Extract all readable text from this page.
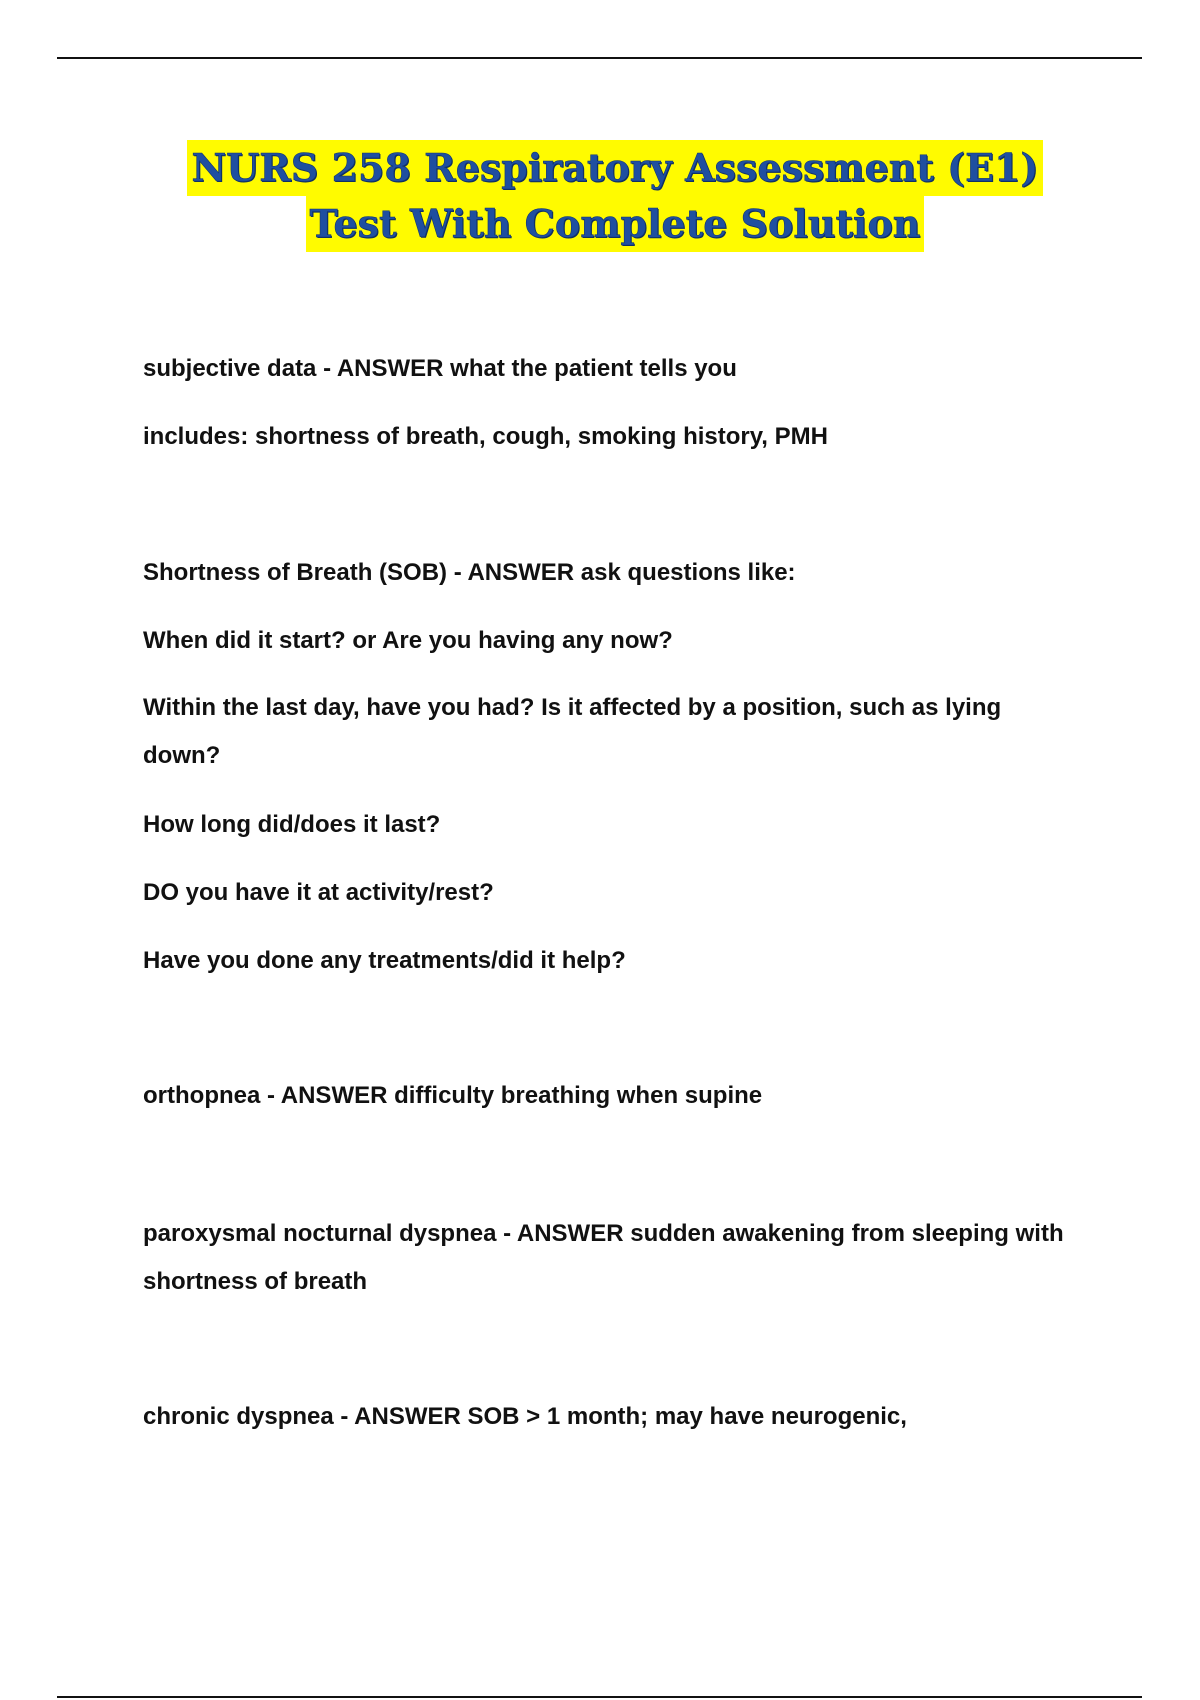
NURS 258 Respiratory Assessment (E1)
Test With Complete Solution
subjective data - ANSWER what the patient tells you
includes: shortness of breath, cough, smoking history, PMH
Shortness of Breath (SOB) - ANSWER ask questions like:
When did it start? or Are you having any now?
Within the last day, have you had? Is it affected by a position, such as lying down?
How long did/does it last?
DO you have it at activity/rest?
Have you done any treatments/did it help?
orthopnea - ANSWER difficulty breathing when supine
paroxysmal nocturnal dyspnea - ANSWER sudden awakening from sleeping with shortness of breath
chronic dyspnea - ANSWER SOB > 1 month; may have neurogenic,
